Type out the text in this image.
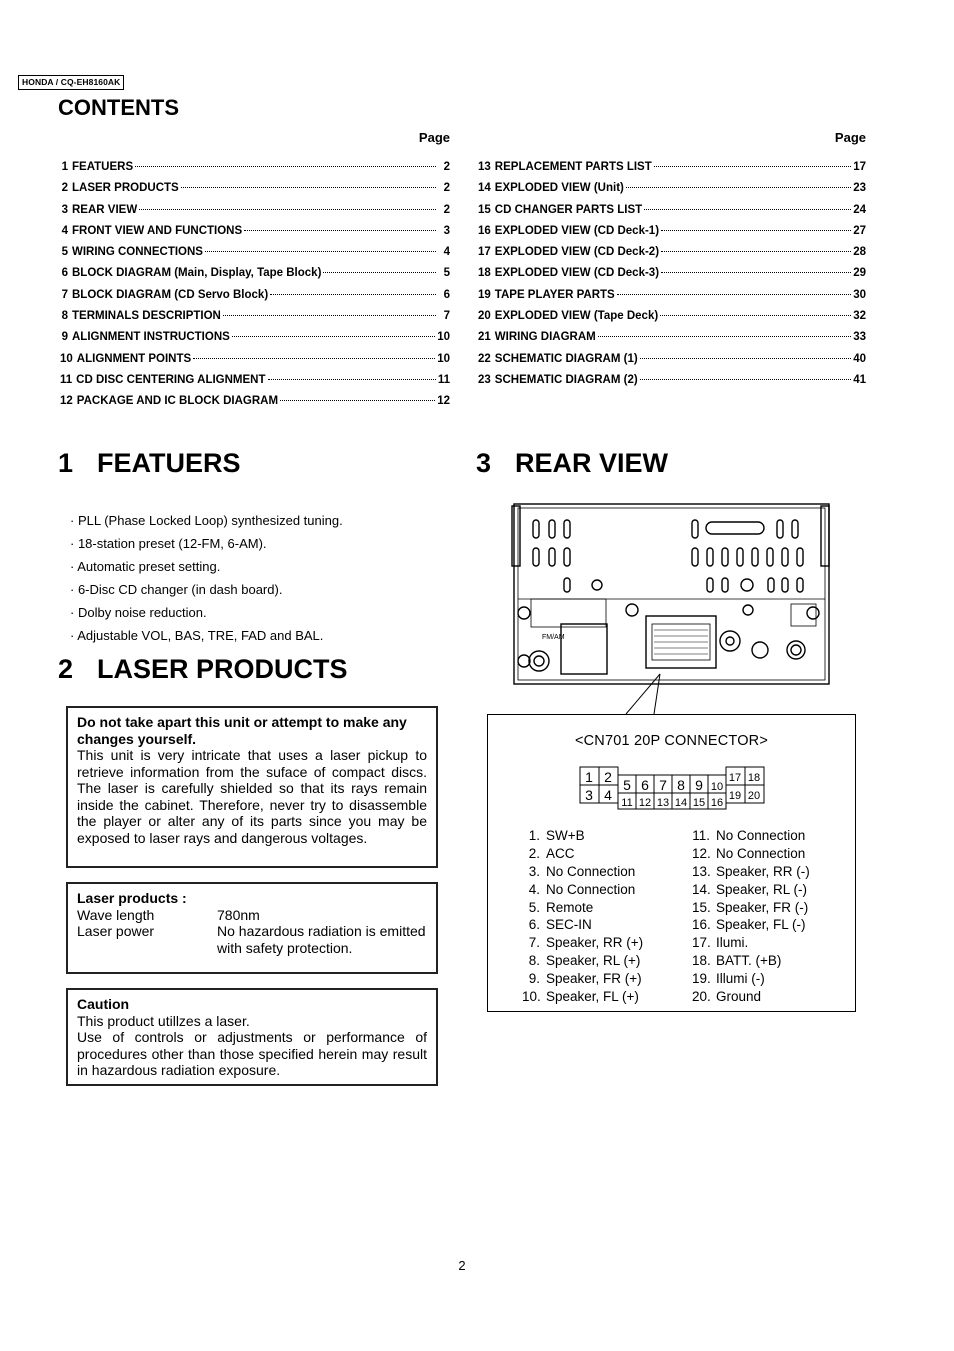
HONDA / CQ-EH8160AK
CONTENTS
Page
1 FEATUERS	2
2 LASER PRODUCTS	2
3 REAR VIEW	2
4 FRONT VIEW AND FUNCTIONS	3
5 WIRING CONNECTIONS	4
6 BLOCK DIAGRAM (Main, Display, Tape Block)	5
7 BLOCK DIAGRAM (CD Servo Block)	6
8 TERMINALS DESCRIPTION	7
9 ALIGNMENT INSTRUCTIONS	10
10 ALIGNMENT POINTS	10
11 CD DISC CENTERING ALIGNMENT	11
12 PACKAGE AND IC BLOCK DIAGRAM	12
Page
13 REPLACEMENT PARTS LIST	17
14 EXPLODED VIEW (Unit)	23
15 CD CHANGER PARTS LIST	24
16 EXPLODED VIEW (CD Deck-1)	27
17 EXPLODED VIEW (CD Deck-2)	28
18 EXPLODED VIEW (CD Deck-3)	29
19 TAPE PLAYER PARTS	30
20 EXPLODED VIEW (Tape Deck)	32
21 WIRING DIAGRAM	33
22 SCHEMATIC DIAGRAM (1)	40
23 SCHEMATIC DIAGRAM (2)	41
1 FEATUERS
· PLL (Phase Locked Loop) synthesized tuning.
· 18-station preset (12-FM, 6-AM).
· Automatic preset setting.
· 6-Disc CD changer (in dash board).
· Dolby noise reduction.
· Adjustable VOL, BAS, TRE, FAD and BAL.
2 LASER PRODUCTS
Do not take apart this unit or attempt to make any changes yourself.
This unit is very intricate that uses a laser pickup to retrieve information from the suface of compact discs. The laser is carefully shielded so that its rays remain inside the cabinet. Therefore, never try to disassemble the player or alter any of its parts since you may be exposed to laser rays and dangerous voltages.
Laser products :
Wave length	780nm
Laser power	No hazardous radiation is emitted with safety protection.
Caution
This product utillzes a laser.
Use of controls or adjustments or performance of procedures other than those specified herein may result in hazardous radiation exposure.
3 REAR VIEW
FM/AM
<CN701 20P CONNECTOR>
1 2
3 4
5 6 7 8 9 10
11 12 13 14 15 16
17 18
19 20
1. SW+B
2. ACC
3. No Connection
4. No Connection
5. Remote
6. SEC-IN
7. Speaker, RR (+)
8. Speaker, RL (+)
9. Speaker, FR (+)
10. Speaker, FL (+)
11. No Connection
12. No Connection
13. Speaker, RR (-)
14. Speaker, RL (-)
15. Speaker, FR (-)
16. Speaker, FL (-)
17. Ilumi.
18. BATT. (+B)
19. Illumi (-)
20. Ground
2
